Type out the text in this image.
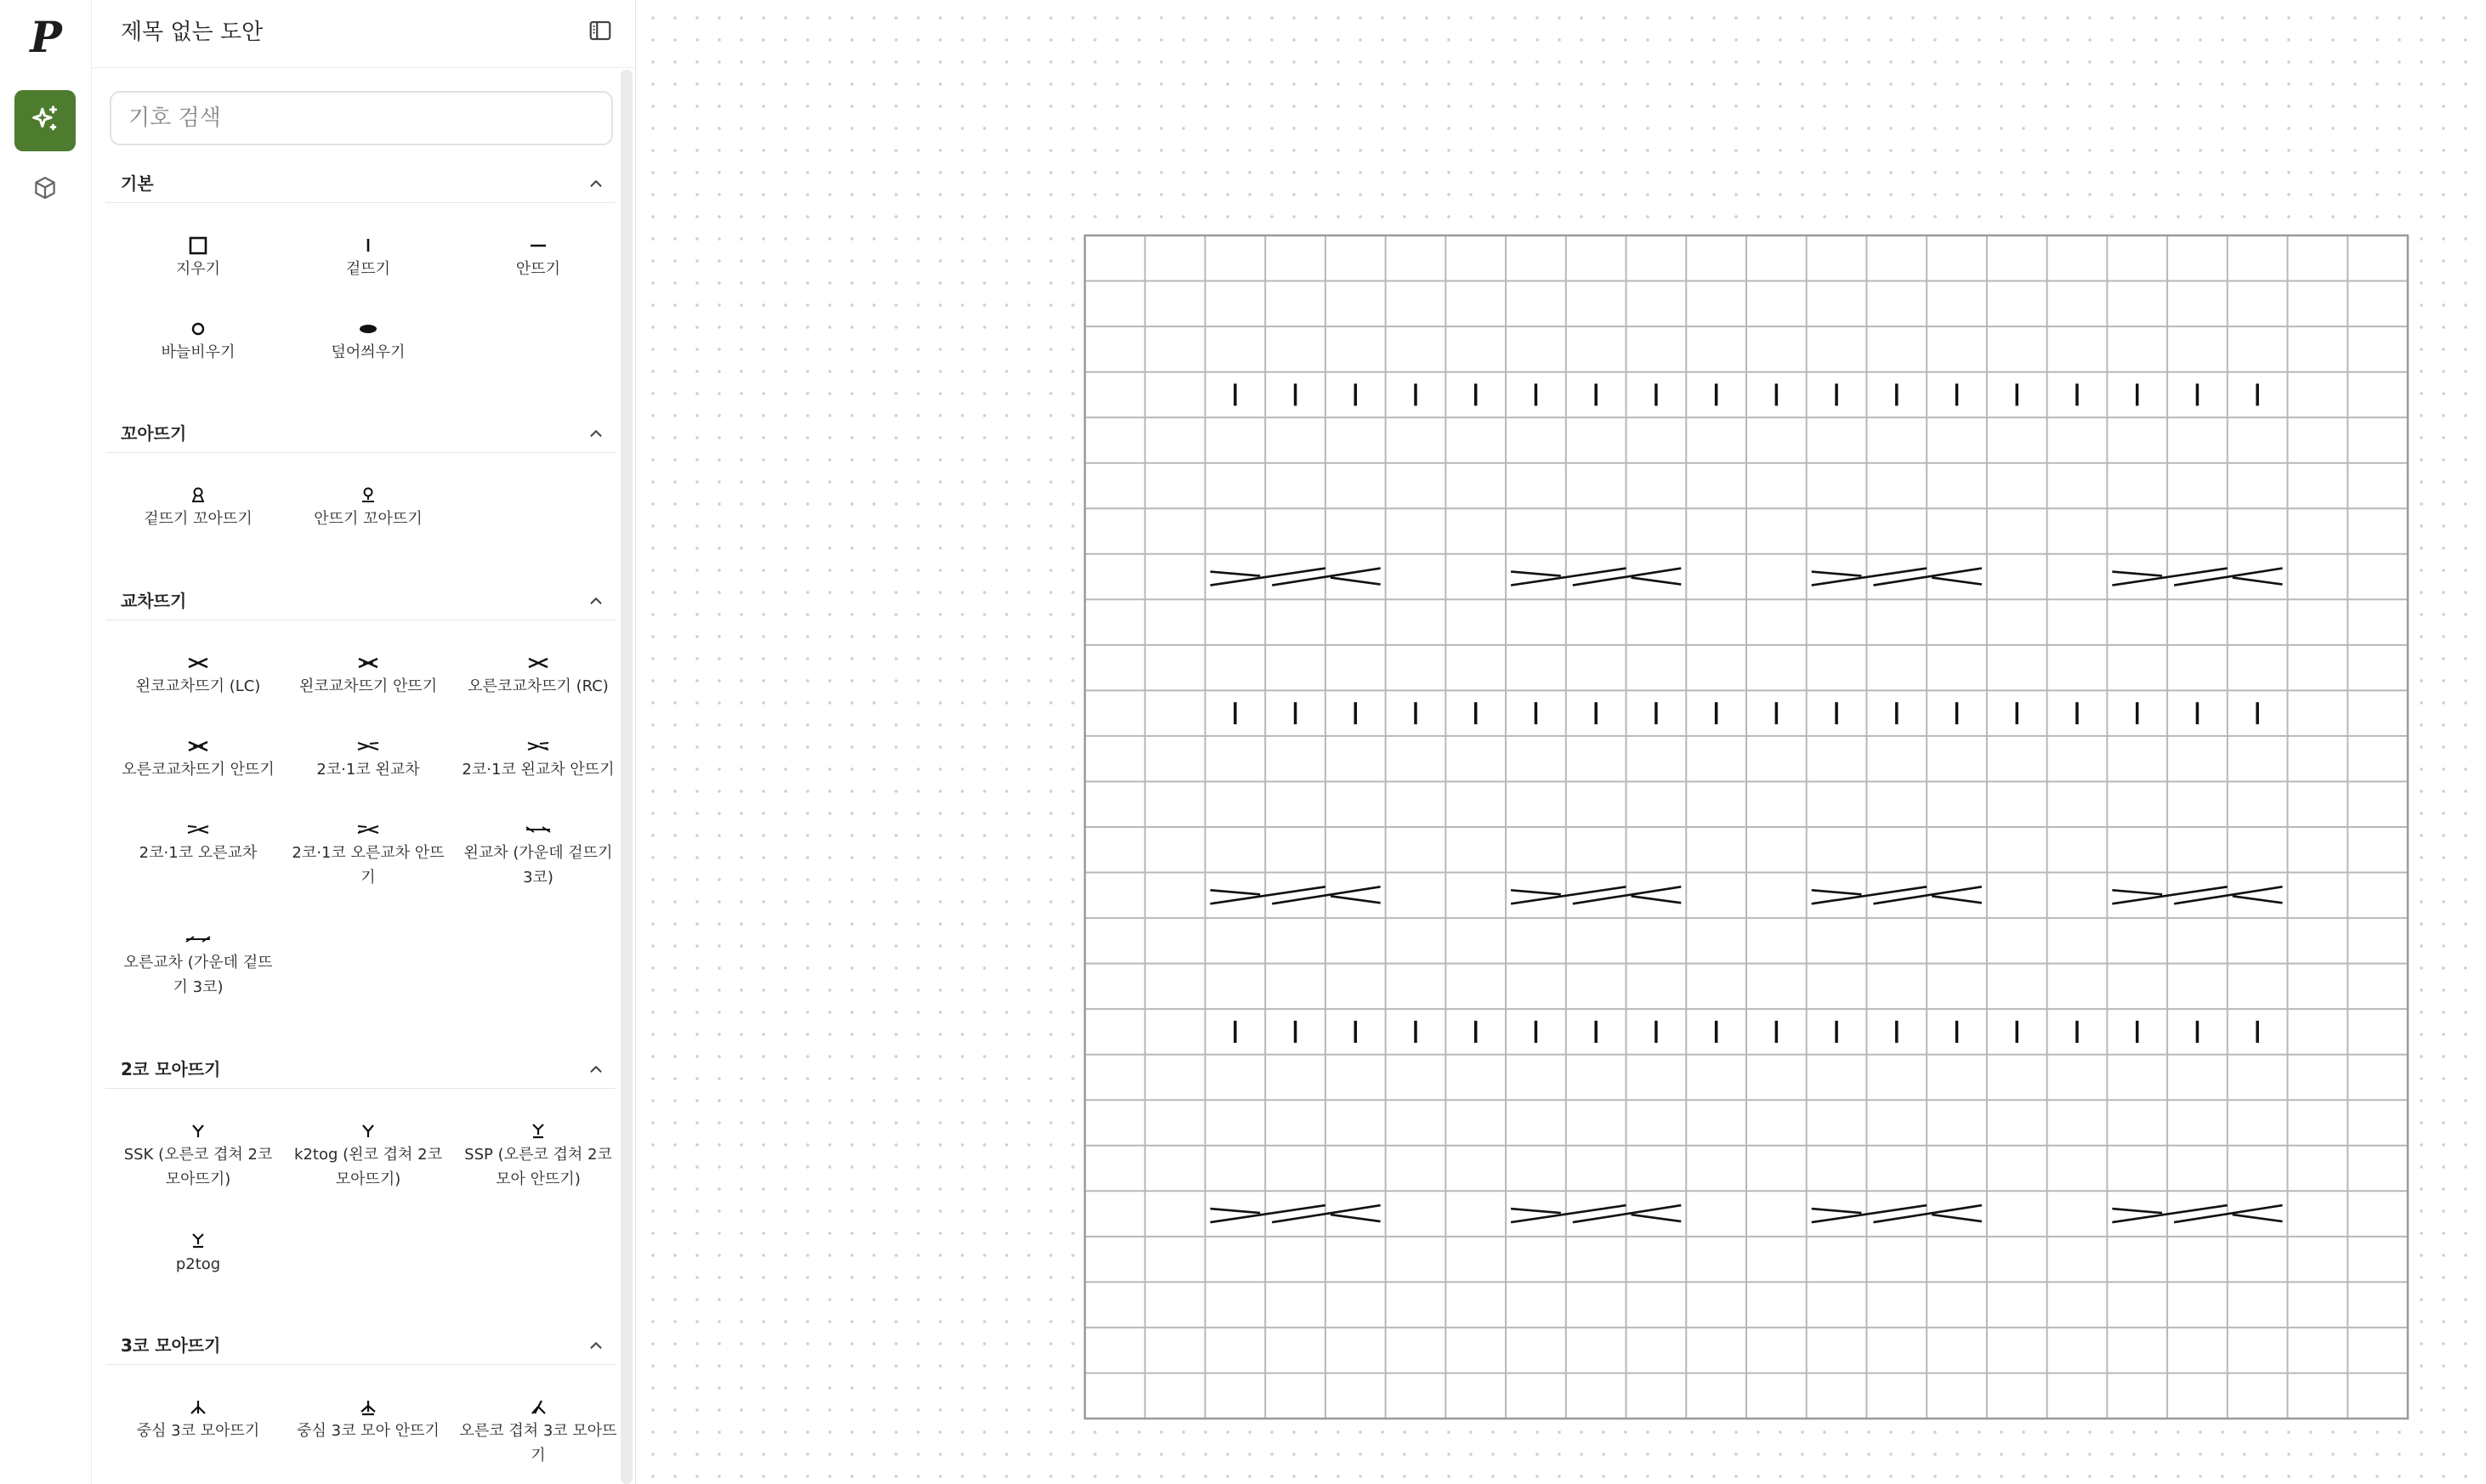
P	제목 없는 도안
기호 검색
기본
지우기	겉뜨기	안뜨기
바늘비우기	덮어씌우기
꼬아뜨기
겉뜨기 꼬아뜨기	안뜨기 꼬아뜨기
교차뜨기
왼코교차뜨기 (LC)	왼코교차뜨기 안뜨기	오른코교차뜨기 (RC)
오른코교차뜨기 안뜨기	2코·1코 왼교차	2코·1코 왼교차 안뜨기
2코·1코 오른교차	2코·1코 오른교차 안뜨기
왼교차 (가운데 겉뜨기 3코)
오른교차 (가운데 겉뜨기 3코)
2코 모아뜨기
SSK (오른코 겹쳐 2코 모아뜨기)
k2tog (왼코 겹쳐 2코 모아뜨기)
SSP (오른코 겹쳐 2코 모아 안뜨기)
p2tog
3코 모아뜨기
중심 3코 모아뜨기	중심 3코 모아 안뜨기	오른코 겹쳐 3코 모아뜨기
